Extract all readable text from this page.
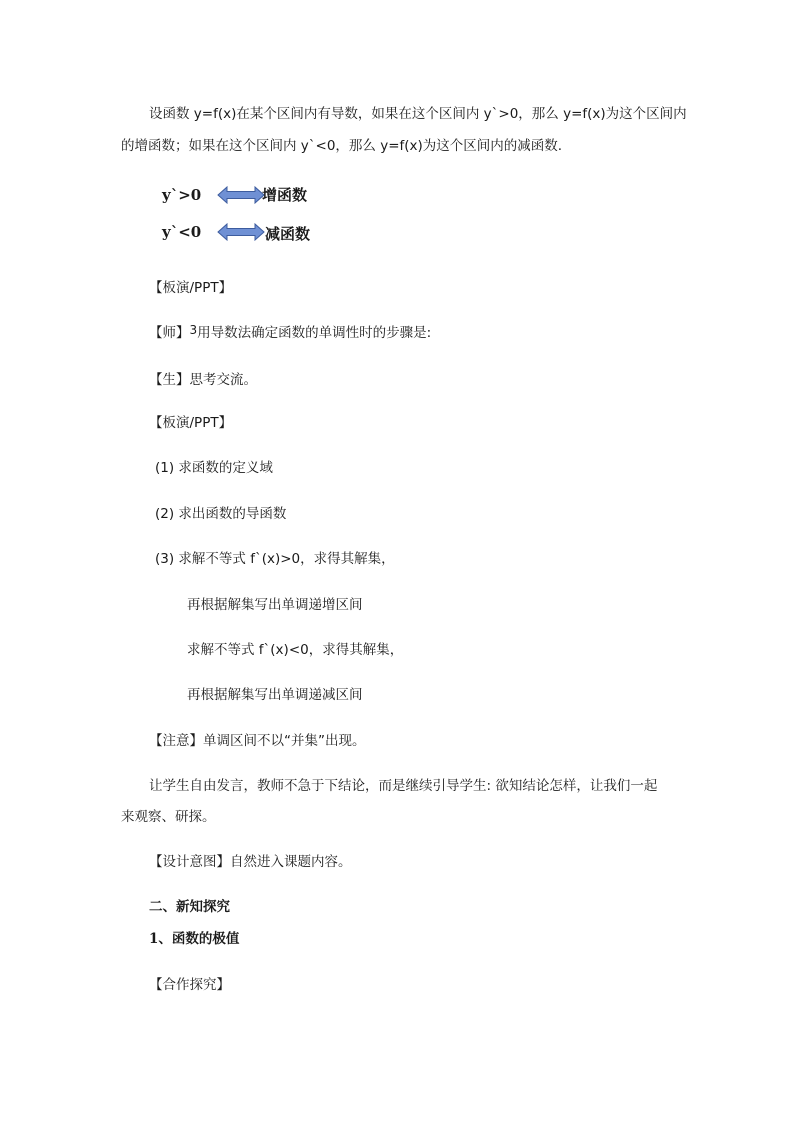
设函数 y=f(x)在某个区间内有导数，如果在这个区间内 y`>0，那么 y=f(x)为这个区间内
的增函数；如果在这个区间内 y`<0，那么 y=f(x)为这个区间内的减函数.
y`>0	增函数
y`<0	减函数
【板演/PPT】
【师】3用导数法确定函数的单调性时的步骤是:
【生】思考交流。
【板演/PPT】
(1) 求函数的定义域
(2) 求出函数的导函数
(3) 求解不等式 f`(x)>0，求得其解集，
再根据解集写出单调递增区间
求解不等式 f`(x)<0，求得其解集，
再根据解集写出单调递减区间
【注意】单调区间不以“并集”出现。
让学生自由发言，教师不急于下结论，而是继续引导学生: 欲知结论怎样，让我们一起
来观察、研探。
【设计意图】自然进入课题内容。
二、新知探究
1、函数的极值
【合作探究】
